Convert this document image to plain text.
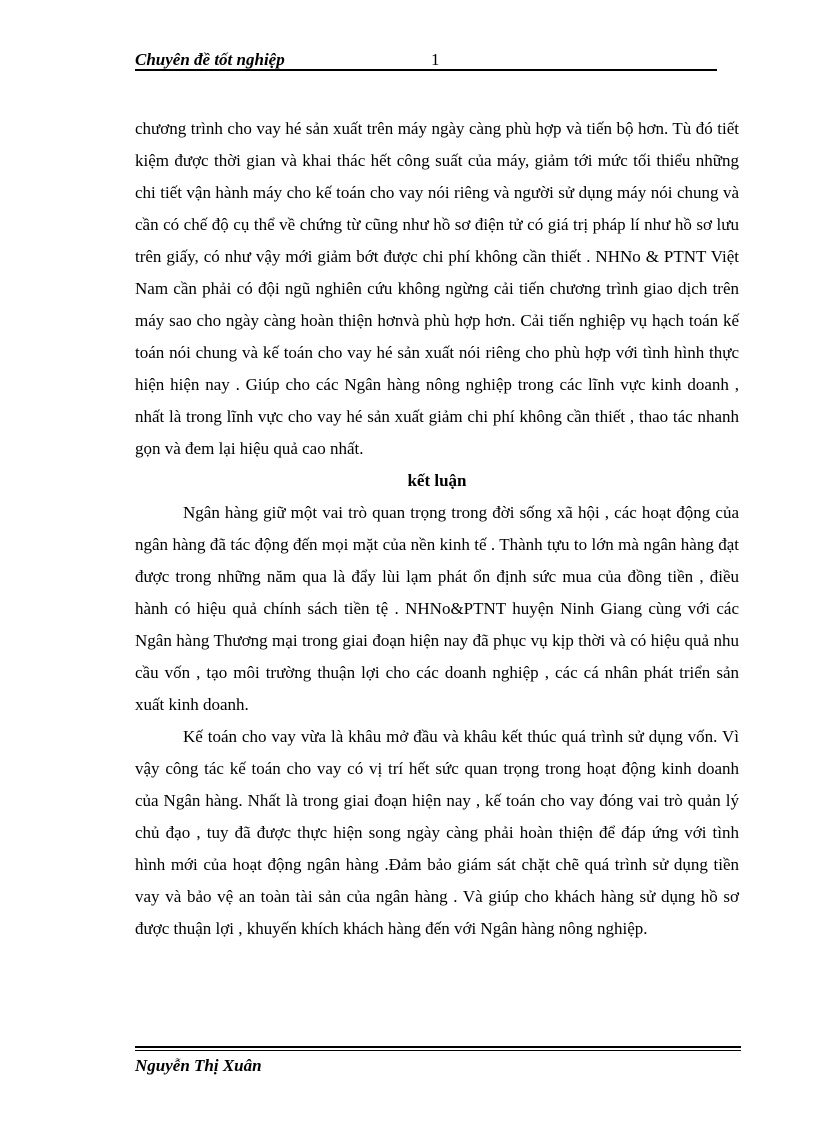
Chuyên đề tốt nghiệp	1

chương trình cho vay hé sản xuất trên máy ngày càng phù hợp và tiến bộ hơn. Tù đó tiết kiệm được thời gian và khai thác hết công suất của máy, giảm tới mức tối thiểu những chi tiết vận hành máy cho kế toán cho vay nói riêng và người sử dụng máy nói chung và cần có chế độ cụ thể về chứng từ cũng như hồ sơ điện tử có giá trị pháp lí như hồ sơ lưu trên giấy, có như vậy mới giảm bớt được chi phí không cần thiết . NHNo & PTNT Việt Nam cần phải có đội ngũ nghiên cứu không ngừng cải tiến chương trình giao dịch trên máy sao cho ngày càng hoàn thiện hơnvà phù hợp hơn. Cải tiến nghiệp vụ hạch toán kế toán nói chung và kế toán cho vay hé sản xuất nói riêng cho phù hợp với tình hình thực hiện hiện nay . Giúp cho các Ngân hàng nông nghiệp trong các lĩnh vực kinh doanh , nhất là trong lĩnh vực cho vay hé sản xuất giảm chi phí không cần thiết , thao tác nhanh gọn và đem lại hiệu quả cao nhất.

kết luận

Ngân hàng giữ một vai trò quan trọng trong đời sống xã hội , các hoạt động của ngân hàng đã tác động đến mọi mặt của nền kinh tế . Thành tựu to lớn mà ngân hàng đạt được trong những năm qua là đẩy lùi lạm phát ổn định sức mua của đồng tiền , điều hành có hiệu quả chính sách tiền tệ . NHNo&PTNT huyện Ninh Giang cùng với các Ngân hàng Thương mại trong giai đoạn hiện nay đã phục vụ kịp thời và có hiệu quả nhu cầu vốn , tạo môi trường thuận lợi cho các doanh nghiệp , các cá nhân phát triển sản xuất kinh doanh.

Kế toán cho vay vừa là khâu mở đầu và khâu kết thúc quá trình sử dụng vốn. Vì vậy công tác kế toán cho vay có vị trí hết sức quan trọng trong hoạt động kinh doanh của Ngân hàng. Nhất là trong giai đoạn hiện nay , kế toán cho vay đóng vai trò quản lý chủ đạo , tuy đã được thực hiện song ngày càng phải hoàn thiện để đáp ứng với tình hình mới của hoạt động ngân hàng .Đảm bảo giám sát chặt chẽ quá trình sử dụng tiền vay và bảo vệ an toàn tài sản của ngân hàng . Và giúp cho khách hàng sử dụng hồ sơ được thuận lợi , khuyến khích khách hàng đến với Ngân hàng nông nghiệp.

Nguyễn Thị Xuân
